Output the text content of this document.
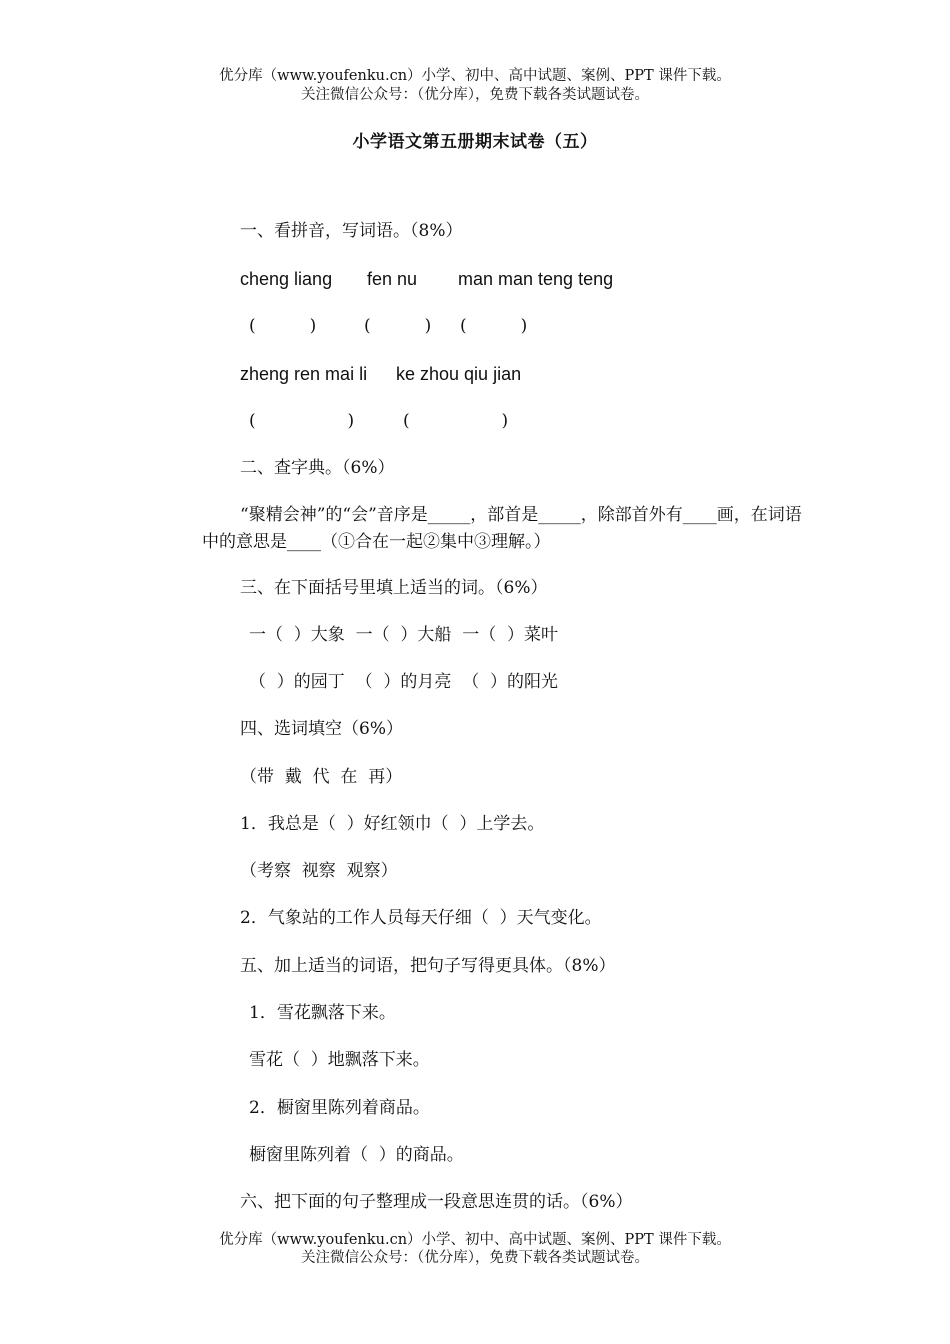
优分库（www.youfenku.cn）小学、初中、高中试题、案例、PPT 课件下载。
关注微信公众号：（优分库），免费下载各类试题试卷。
小学语文第五册期末试卷（五）
一、看拼音，写词语。（8%）
cheng liang fen nu man man teng teng
(          )	(          ) (          )
zheng ren mai li ke zhou qiu jian
(                 )	(                 )
二、查字典。（6%）
“聚精会神”的“会”音序是_____，部首是_____，除部首外有____画，在词语中的意思是____（①合在一起②集中③理解。）
三、在下面括号里填上适当的词。（6%）
一（  ）大象  一（  ）大船  一（  ）菜叶
（  ）的园丁  （  ）的月亮  （  ）的阳光
四、选词填空（6%）
（带  戴  代  在  再）
1．我总是（  ）好红领巾（  ）上学去。
（考察  视察  观察）
2．气象站的工作人员每天仔细（  ）天气变化。
五、加上适当的词语，把句子写得更具体。（8%）
1．雪花飘落下来。
雪花（  ）地飘落下来。
2．橱窗里陈列着商品。
橱窗里陈列着（  ）的商品。
六、把下面的句子整理成一段意思连贯的话。（6%）
优分库（www.youfenku.cn）小学、初中、高中试题、案例、PPT 课件下载。
关注微信公众号：（优分库），免费下载各类试题试卷。
